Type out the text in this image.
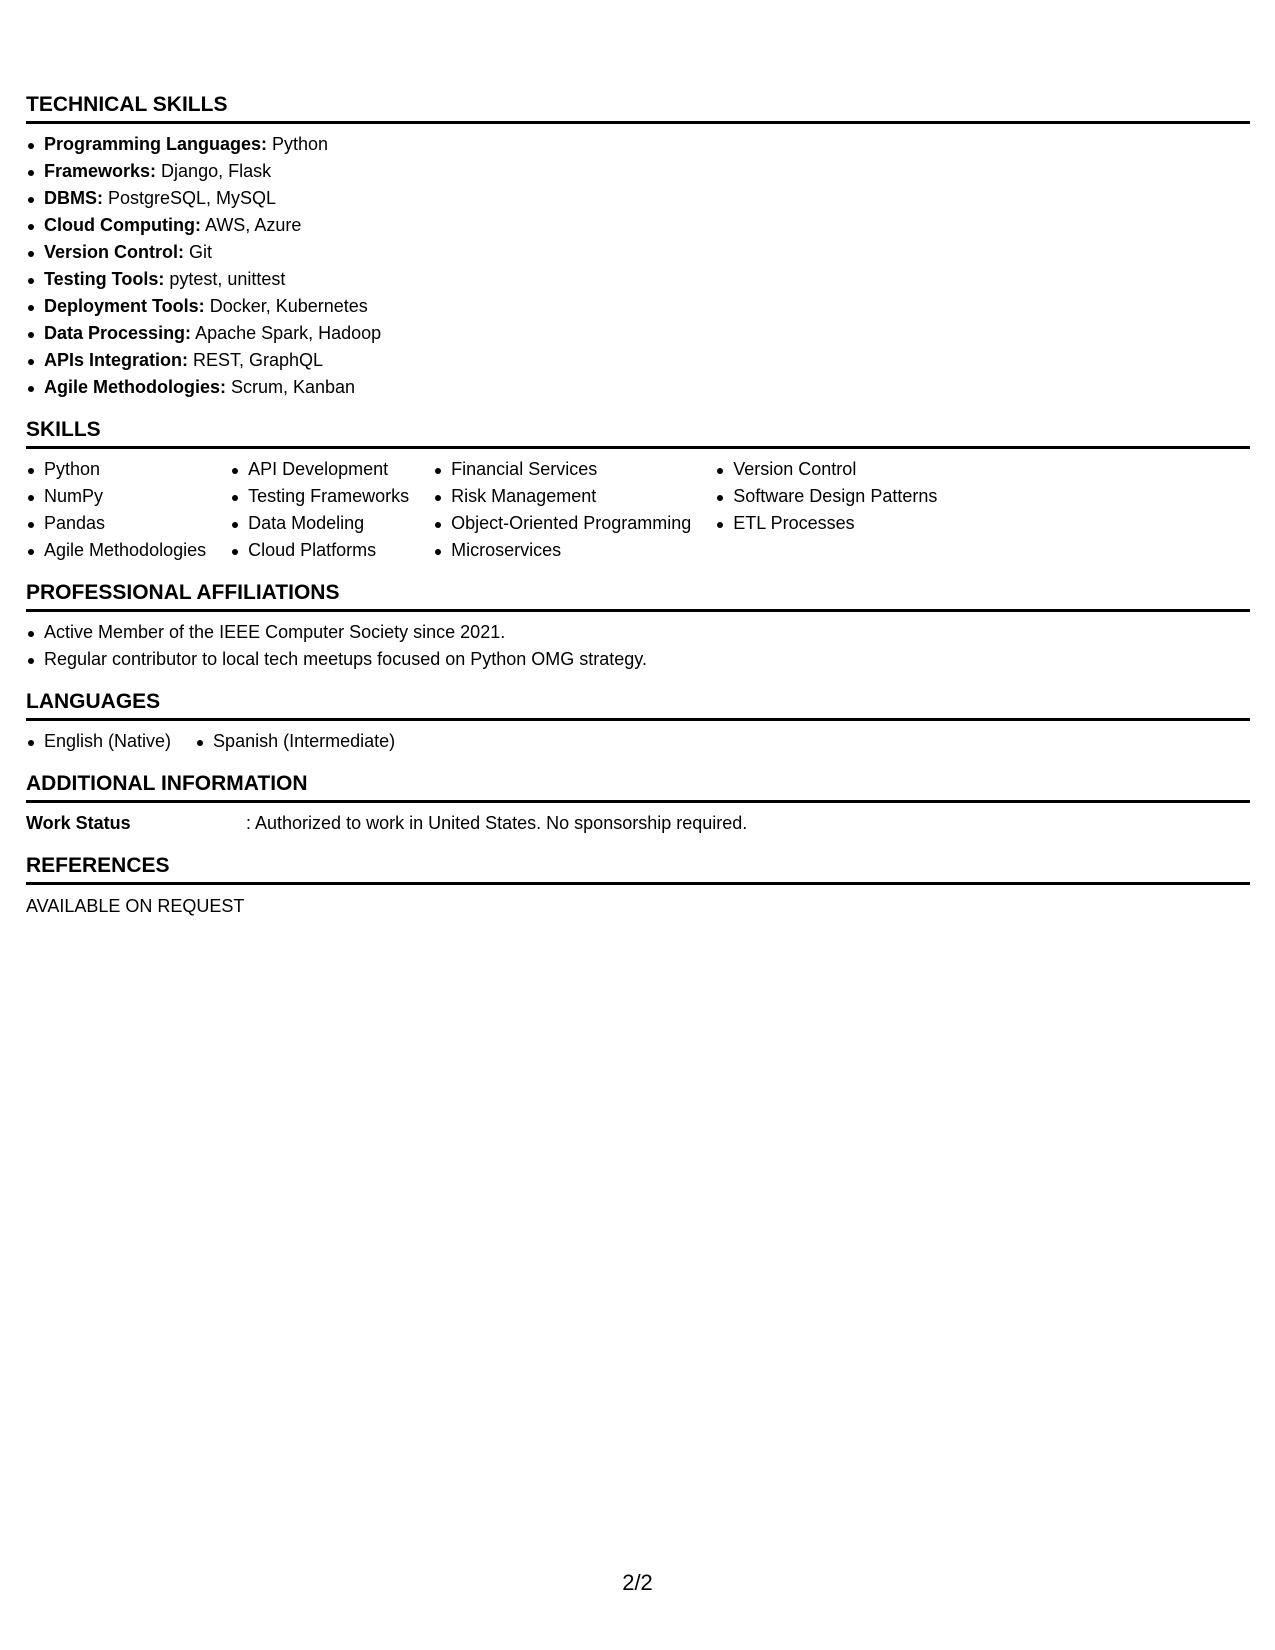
TECHNICAL SKILLS
Programming Languages: Python
Frameworks: Django, Flask
DBMS: PostgreSQL, MySQL
Cloud Computing: AWS, Azure
Version Control: Git
Testing Tools: pytest, unittest
Deployment Tools: Docker, Kubernetes
Data Processing: Apache Spark, Hadoop
APIs Integration: REST, GraphQL
Agile Methodologies: Scrum, Kanban
SKILLS
Python
NumPy
Pandas
Agile Methodologies
API Development
Testing Frameworks
Data Modeling
Cloud Platforms
Financial Services
Risk Management
Object-Oriented Programming
Microservices
Version Control
Software Design Patterns
ETL Processes
PROFESSIONAL AFFILIATIONS
Active Member of the IEEE Computer Society since 2021.
Regular contributor to local tech meetups focused on Python OMG strategy.
LANGUAGES
English (Native)	Spanish (Intermediate)
ADDITIONAL INFORMATION
Work Status	: Authorized to work in United States. No sponsorship required.
REFERENCES
AVAILABLE ON REQUEST
2/2
